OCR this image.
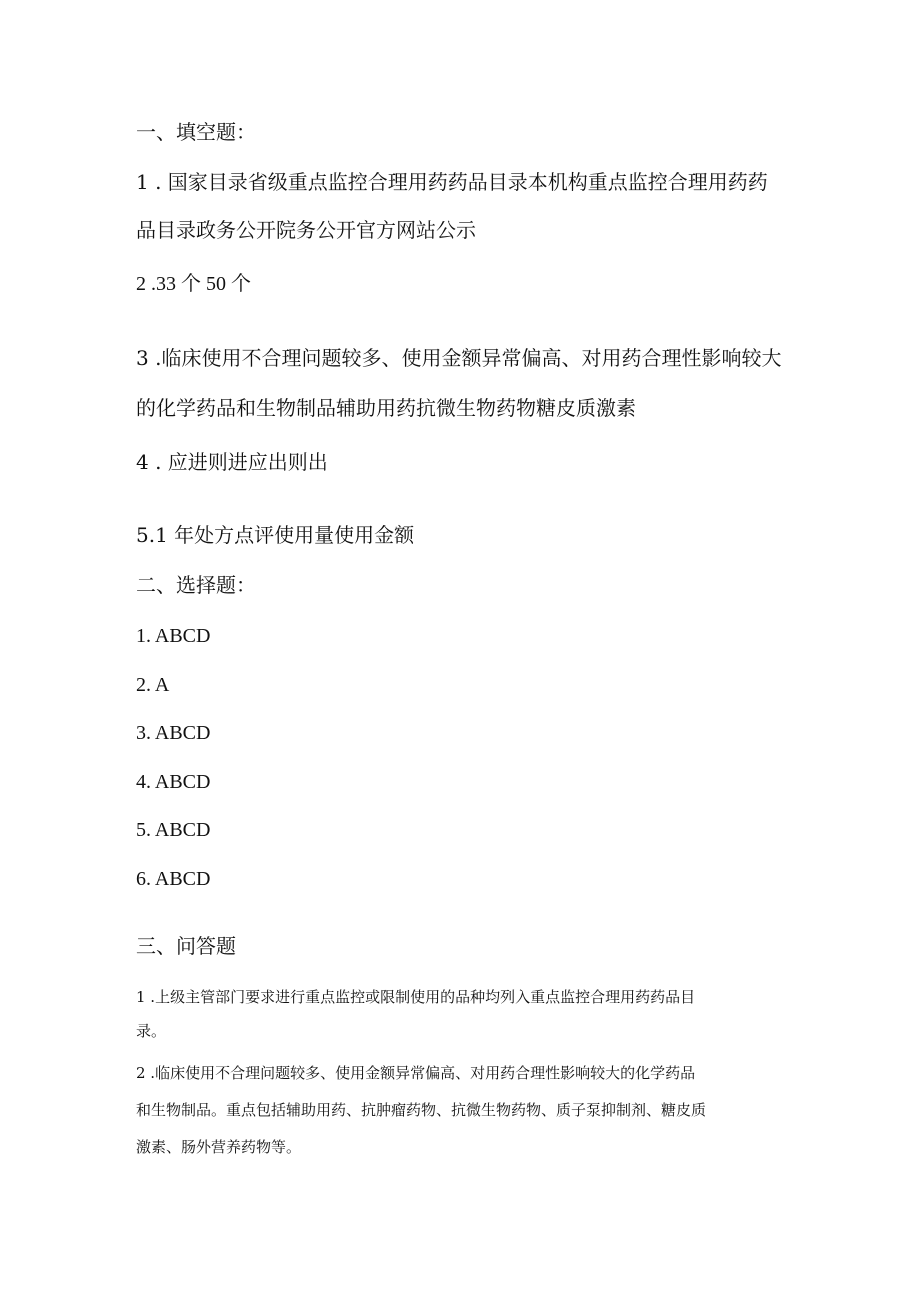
一、填空题：
1 . 国家目录省级重点监控合理用药药品目录本机构重点监控合理用药药
品目录政务公开院务公开官方网站公示
2 .33 个 50 个
3 .临床使用不合理问题较多、使用金额异常偏高、对用药合理性影响较大
的化学药品和生物制品辅助用药抗微生物药物糖皮质激素
4 . 应进则进应出则出
5.1 年处方点评使用量使用金额
二、选择题：
1. ABCD
2. A
3. ABCD
4. ABCD
5. ABCD
6. ABCD
三、问答题
1 .上级主管部门要求进行重点监控或限制使用的品种均列入重点监控合理用药药品目
录。
2 .临床使用不合理问题较多、使用金额异常偏高、对用药合理性影响较大的化学药品
和生物制品。重点包括辅助用药、抗肿瘤药物、抗微生物药物、质子泵抑制剂、糖皮质
激素、肠外营养药物等。
